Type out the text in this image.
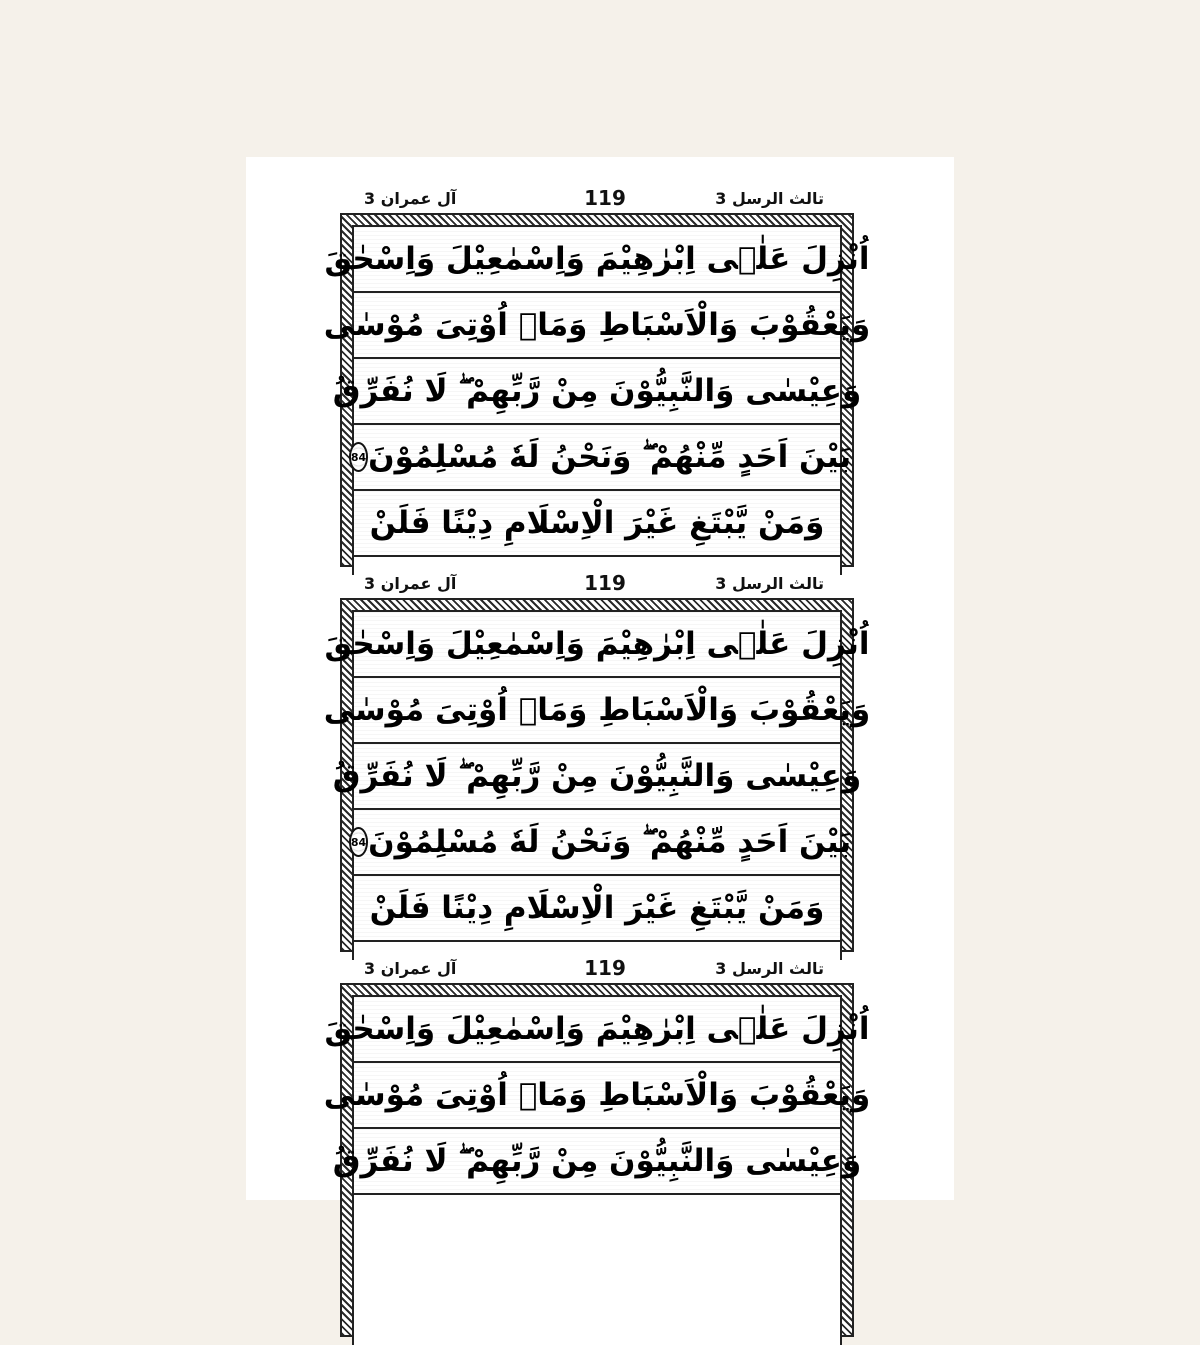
آل عمران 3	119	تالث الرسل 3
اُنْزِلَ عَلٰۤى اِبْرٰهِيْمَ وَاِسْمٰعِيْلَ وَاِسْحٰقَ
وَيَعْقُوْبَ وَالْاَسْبَاطِ وَمَاۤ اُوْتِىَ مُوْسٰى
وَعِيْسٰى وَالنَّبِيُّوْنَ مِنْ رَّبِّهِمْ ۖ لَا نُفَرِّقُ
بَيْنَ اَحَدٍ مِّنْهُمْ ۖ وَنَحْنُ لَهٗ مُسْلِمُوْنَ
84
وَمَنْ يَّبْتَغِ غَيْرَ الْاِسْلَامِ دِيْنًا فَلَنْ
آل عمران 3	119	تالث الرسل 3
اُنْزِلَ عَلٰۤى اِبْرٰهِيْمَ وَاِسْمٰعِيْلَ وَاِسْحٰقَ
وَيَعْقُوْبَ وَالْاَسْبَاطِ وَمَاۤ اُوْتِىَ مُوْسٰى
وَعِيْسٰى وَالنَّبِيُّوْنَ مِنْ رَّبِّهِمْ ۖ لَا نُفَرِّقُ
بَيْنَ اَحَدٍ مِّنْهُمْ ۖ وَنَحْنُ لَهٗ مُسْلِمُوْنَ
84
وَمَنْ يَّبْتَغِ غَيْرَ الْاِسْلَامِ دِيْنًا فَلَنْ
آل عمران 3	119	تالث الرسل 3
اُنْزِلَ عَلٰۤى اِبْرٰهِيْمَ وَاِسْمٰعِيْلَ وَاِسْحٰقَ
وَيَعْقُوْبَ وَالْاَسْبَاطِ وَمَاۤ اُوْتِىَ مُوْسٰى
وَعِيْسٰى وَالنَّبِيُّوْنَ مِنْ رَّبِّهِمْ ۖ لَا نُفَرِّقُ
